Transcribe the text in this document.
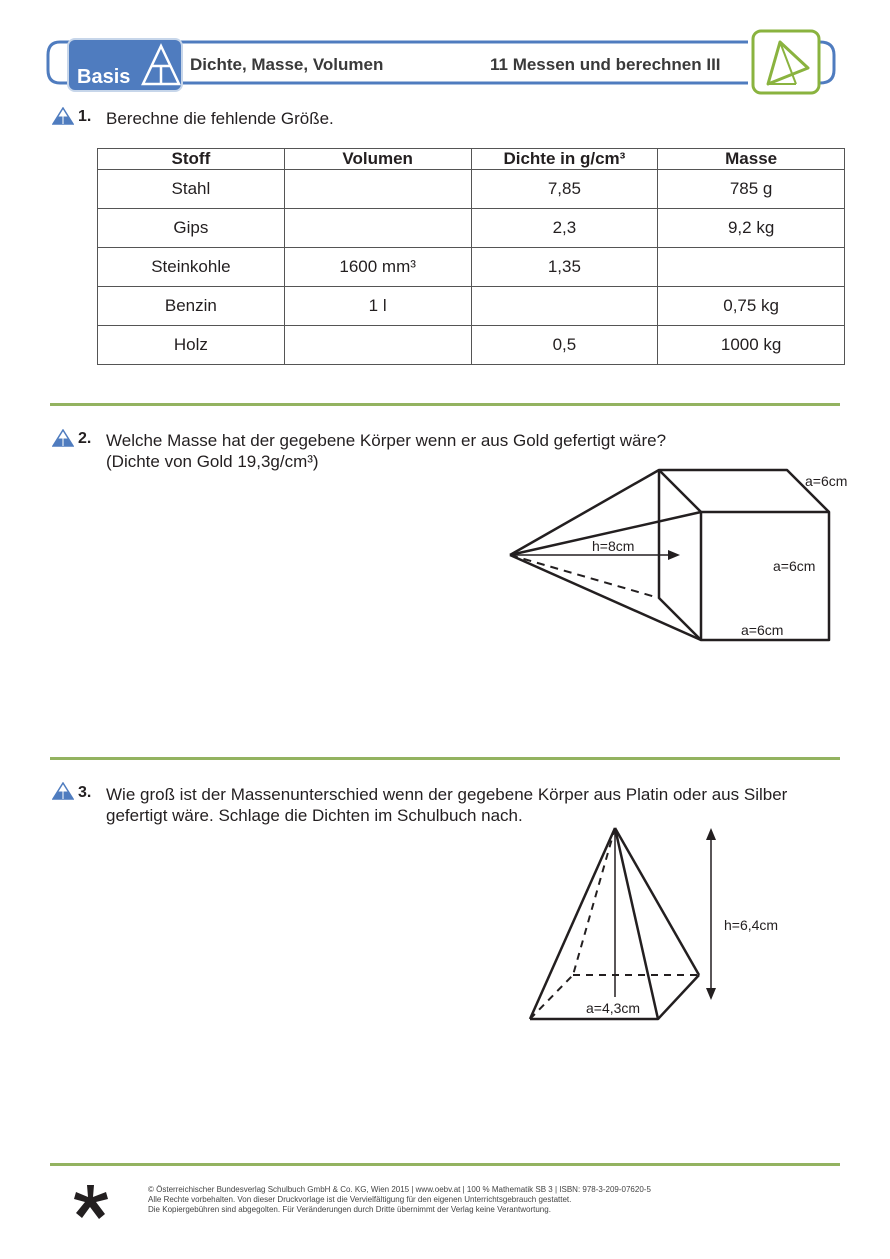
Basis
Dichte, Masse, Volumen	11 Messen und berechnen III
1. Berechne die fehlende Größe.
Stoff	Volumen	Dichte in g/cm³	Masse
Stahl		7,85	785 g
Gips		2,3	9,2 kg
Steinkohle	1600 mm³	1,35	
Benzin	1 l		0,75 kg
Holz		0,5	1000 kg
2. Welche Masse hat der gegebene Körper wenn er aus Gold gefertigt wäre?
(Dichte von Gold 19,3g/cm³)
h=8cm
a=6cm
a=6cm
a=6cm
3. Wie groß ist der Massenunterschied wenn der gegebene Körper aus Platin oder aus Silber
gefertigt wäre. Schlage die Dichten im Schulbuch nach.
h=6,4cm
a=4,3cm
© Österreichischer Bundesverlag Schulbuch GmbH & Co. KG, Wien 2015 | www.oebv.at | 100 % Mathematik SB 3 | ISBN: 978-3-209-07620-5
Alle Rechte vorbehalten. Von dieser Druckvorlage ist die Vervielfältigung für den eigenen Unterrichtsgebrauch gestattet.
Die Kopiergebühren sind abgegolten. Für Veränderungen durch Dritte übernimmt der Verlag keine Verantwortung.
